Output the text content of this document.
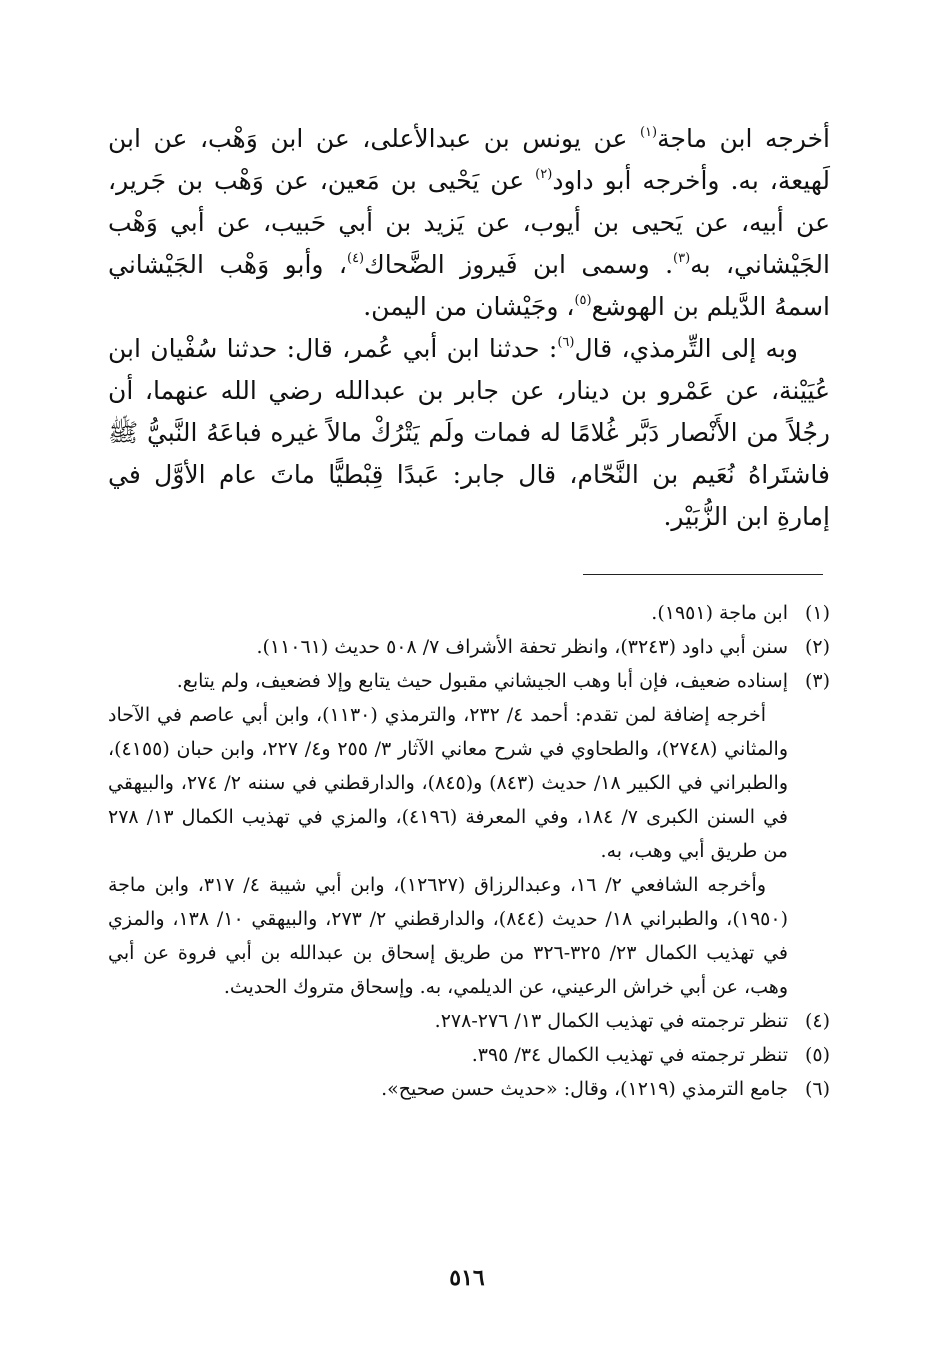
أخرجه ابن ماجة$^{(١)}$ عن يونس بن عبدالأعلى، عن ابن وَهْب، عن ابن لَهيعة، به. وأخرجه أبو داود$^{(٢)}$ عن يَحْيى بن مَعين، عن وَهْب بن جَرير، عن أبيه، عن يَحيى بن أيوب، عن يَزيد بن أبي حَبيب، عن أبي وَهْب الجَيْشاني، به$^{(٣)}$. وسمى ابن فَيروز الضَّحاك$^{(٤)}$، وأبو وَهْب الجَيْشاني اسمهُ الدَّيلم بن الهوشع$^{(٥)}$، وجَيْشان من اليمن.

وبه إلى التِّرمذي، قال$^{(٦)}$: حدثنا ابن أبي عُمر، قال: حدثنا سُفْيان ابن عُيَيْنة، عن عَمْرو بن دينار، عن جابر بن عبدالله رضي الله عنهما، أن رجُلاً من الأَنْصار دَبَّر غُلامًا له فمات ولَم يَتْرُكْ مالاً غيره فباعَهُ النَّبيُّ ﷺ فاشتَراهُ نُعَيم بن النَّحّام، قال جابر: عَبدًا قِبْطيًّا ماتَ عام الأوَّل في إمارةِ ابن الزُّبَيْر.

(١)
ابن ماجة (١٩٥١).
(٢)
سنن أبي داود (٣٢٤٣)، وانظر تحفة الأشراف ٧/ ٥٠٨ حديث (١١٠٦١).
(٣)
إسناده ضعيف، فإن أبا وهب الجيشاني مقبول حيث يتابع وإلا فضعيف، ولم يتابع.

أخرجه إضافة لمن تقدم: أحمد ٤/ ٢٣٢، والترمذي (١١٣٠)، وابن أبي عاصم في الآحاد والمثاني (٢٧٤٨)، والطحاوي في شرح معاني الآثار ٣/ ٢٥٥ و٤/ ٢٢٧، وابن حبان (٤١٥٥)، والطبراني في الكبير ١٨/ حديث (٨٤٣) و(٨٤٥)، والدارقطني في سننه ٢/ ٢٧٤، والبيهقي في السنن الكبرى ٧/ ١٨٤، وفي المعرفة (٤١٩٦)، والمزي في تهذيب الكمال ١٣/ ٢٧٨ من طريق أبي وهب، به.

وأخرجه الشافعي ٢/ ١٦، وعبدالرزاق (١٢٦٢٧)، وابن أبي شيبة ٤/ ٣١٧، وابن ماجة (١٩٥٠)، والطبراني ١٨/ حديث (٨٤٤)، والدارقطني ٢/ ٢٧٣، والبيهقي ١٠/ ١٣٨، والمزي في تهذيب الكمال ٢٣/ ٣٢٥-٣٢٦ من طريق إسحاق بن عبدالله بن أبي فروة عن أبي وهب، عن أبي خراش الرعيني، عن الديلمي، به. وإسحاق متروك الحديث.

(٤)
تنظر ترجمته في تهذيب الكمال ١٣/ ٢٧٦-٢٧٨.
(٥)
تنظر ترجمته في تهذيب الكمال ٣٤/ ٣٩٥.
(٦)
جامع الترمذي (١٢١٩)، وقال: «حديث حسن صحيح».
٥١٦
